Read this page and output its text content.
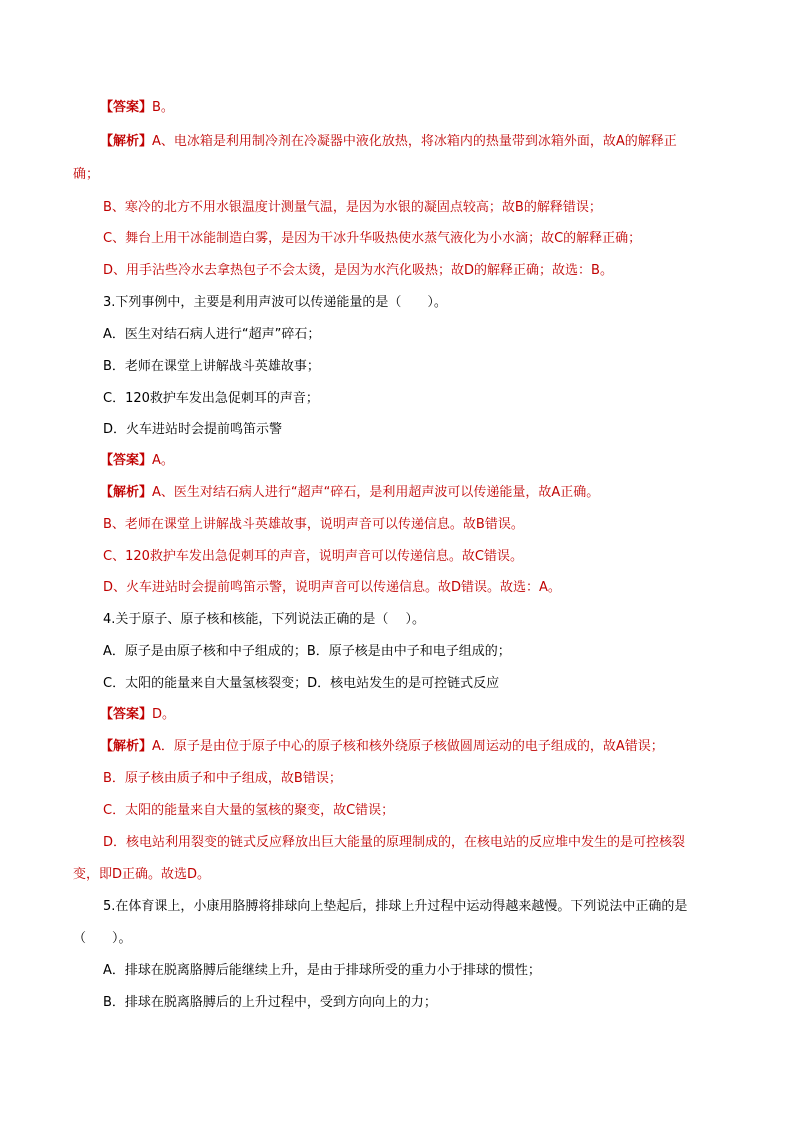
【答案】B。
【解析】A、电冰箱是利用制冷剂在冷凝器中液化放热，将冰箱内的热量带到冰箱外面，故A的解释正
确；
B、寒冷的北方不用水银温度计测量气温，是因为水银的凝固点较高；故B的解释错误；
C、舞台上用干冰能制造白雾，是因为干冰升华吸热使水蒸气液化为小水滴；故C的解释正确；
D、用手沾些冷水去拿热包子不会太烫，是因为水汽化吸热；故D的解释正确；故选：B。
3.下列事例中，主要是利用声波可以传递能量的是（　　）。
A．医生对结石病人进行“超声”碎石；
B．老师在课堂上讲解战斗英雄故事；
C．120救护车发出急促刺耳的声音；
D．火车进站时会提前鸣笛示警
【答案】A。
【解析】A、医生对结石病人进行“超声“碎石，是利用超声波可以传递能量，故A正确。
B、老师在课堂上讲解战斗英雄故事，说明声音可以传递信息。故B错误。
C、120救护车发出急促刺耳的声音，说明声音可以传递信息。故C错误。
D、火车进站时会提前鸣笛示警，说明声音可以传递信息。故D错误。故选：A。
4.关于原子、原子核和核能，下列说法正确的是（　 ）。
A．原子是由原子核和中子组成的；B．原子核是由中子和电子组成的；
C．太阳的能量来自大量氢核裂变；D．核电站发生的是可控链式反应
【答案】D。
【解析】A．原子是由位于原子中心的原子核和核外绕原子核做圆周运动的电子组成的，故A错误；
B．原子核由质子和中子组成，故B错误；
C．太阳的能量来自大量的氢核的聚变，故C错误；
D．核电站利用裂变的链式反应释放出巨大能量的原理制成的，在核电站的反应堆中发生的是可控核裂
变，即D正确。故选D。
5.在体育课上，小康用胳膊将排球向上垫起后，排球上升过程中运动得越来越慢。下列说法中正确的是
（　　）。
A．排球在脱离胳膊后能继续上升，是由于排球所受的重力小于排球的惯性；
B．排球在脱离胳膊后的上升过程中，受到方向向上的力；
